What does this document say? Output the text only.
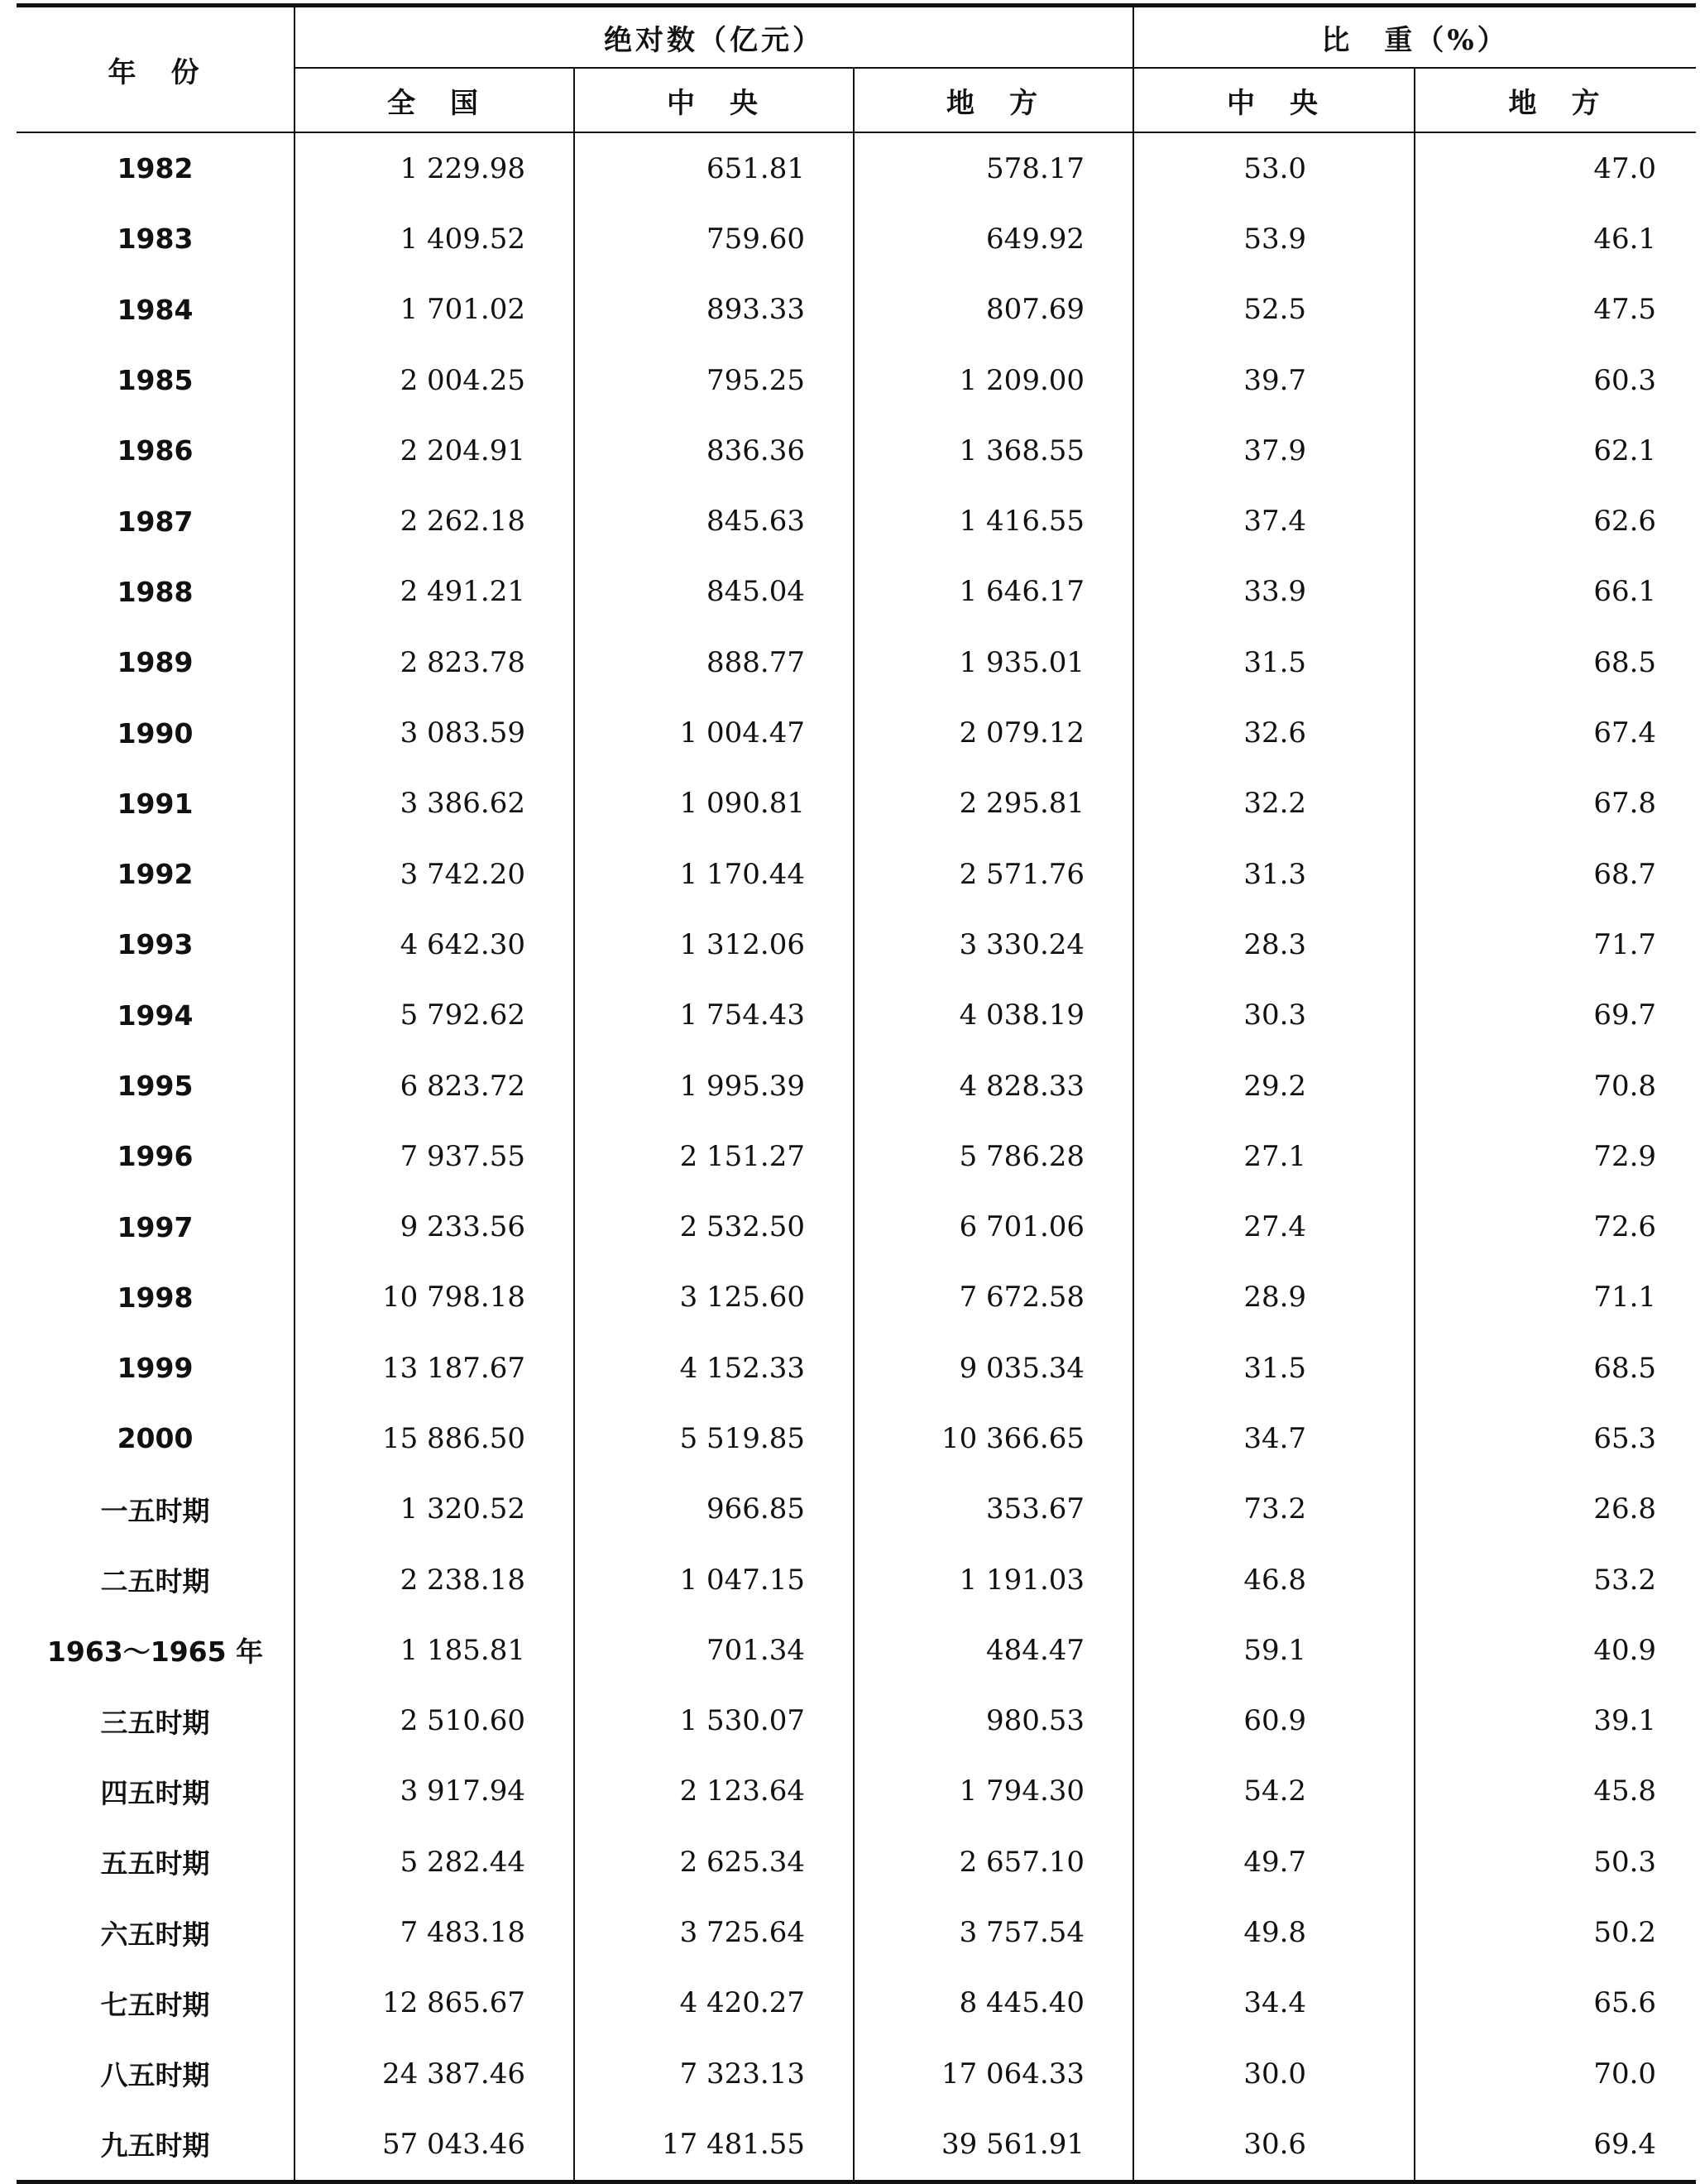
年　份	绝对数（亿元）			比　重（%）	
	全　国	中　央	地　方	中　央	地　方
1982	1 229.98	651.81	578.17	53.0	47.0
1983	1 409.52	759.60	649.92	53.9	46.1
1984	1 701.02	893.33	807.69	52.5	47.5
1985	2 004.25	795.25	1 209.00	39.7	60.3
1986	2 204.91	836.36	1 368.55	37.9	62.1
1987	2 262.18	845.63	1 416.55	37.4	62.6
1988	2 491.21	845.04	1 646.17	33.9	66.1
1989	2 823.78	888.77	1 935.01	31.5	68.5
1990	3 083.59	1 004.47	2 079.12	32.6	67.4
1991	3 386.62	1 090.81	2 295.81	32.2	67.8
1992	3 742.20	1 170.44	2 571.76	31.3	68.7
1993	4 642.30	1 312.06	3 330.24	28.3	71.7
1994	5 792.62	1 754.43	4 038.19	30.3	69.7
1995	6 823.72	1 995.39	4 828.33	29.2	70.8
1996	7 937.55	2 151.27	5 786.28	27.1	72.9
1997	9 233.56	2 532.50	6 701.06	27.4	72.6
1998	10 798.18	3 125.60	7 672.58	28.9	71.1
1999	13 187.67	4 152.33	9 035.34	31.5	68.5
2000	15 886.50	5 519.85	10 366.65	34.7	65.3
一五时期	1 320.52	966.85	353.67	73.2	26.8
二五时期	2 238.18	1 047.15	1 191.03	46.8	53.2
1963～1965 年	1 185.81	701.34	484.47	59.1	40.9
三五时期	2 510.60	1 530.07	980.53	60.9	39.1
四五时期	3 917.94	2 123.64	1 794.30	54.2	45.8
五五时期	5 282.44	2 625.34	2 657.10	49.7	50.3
六五时期	7 483.18	3 725.64	3 757.54	49.8	50.2
七五时期	12 865.67	4 420.27	8 445.40	34.4	65.6
八五时期	24 387.46	7 323.13	17 064.33	30.0	70.0
九五时期	57 043.46	17 481.55	39 561.91	30.6	69.4
